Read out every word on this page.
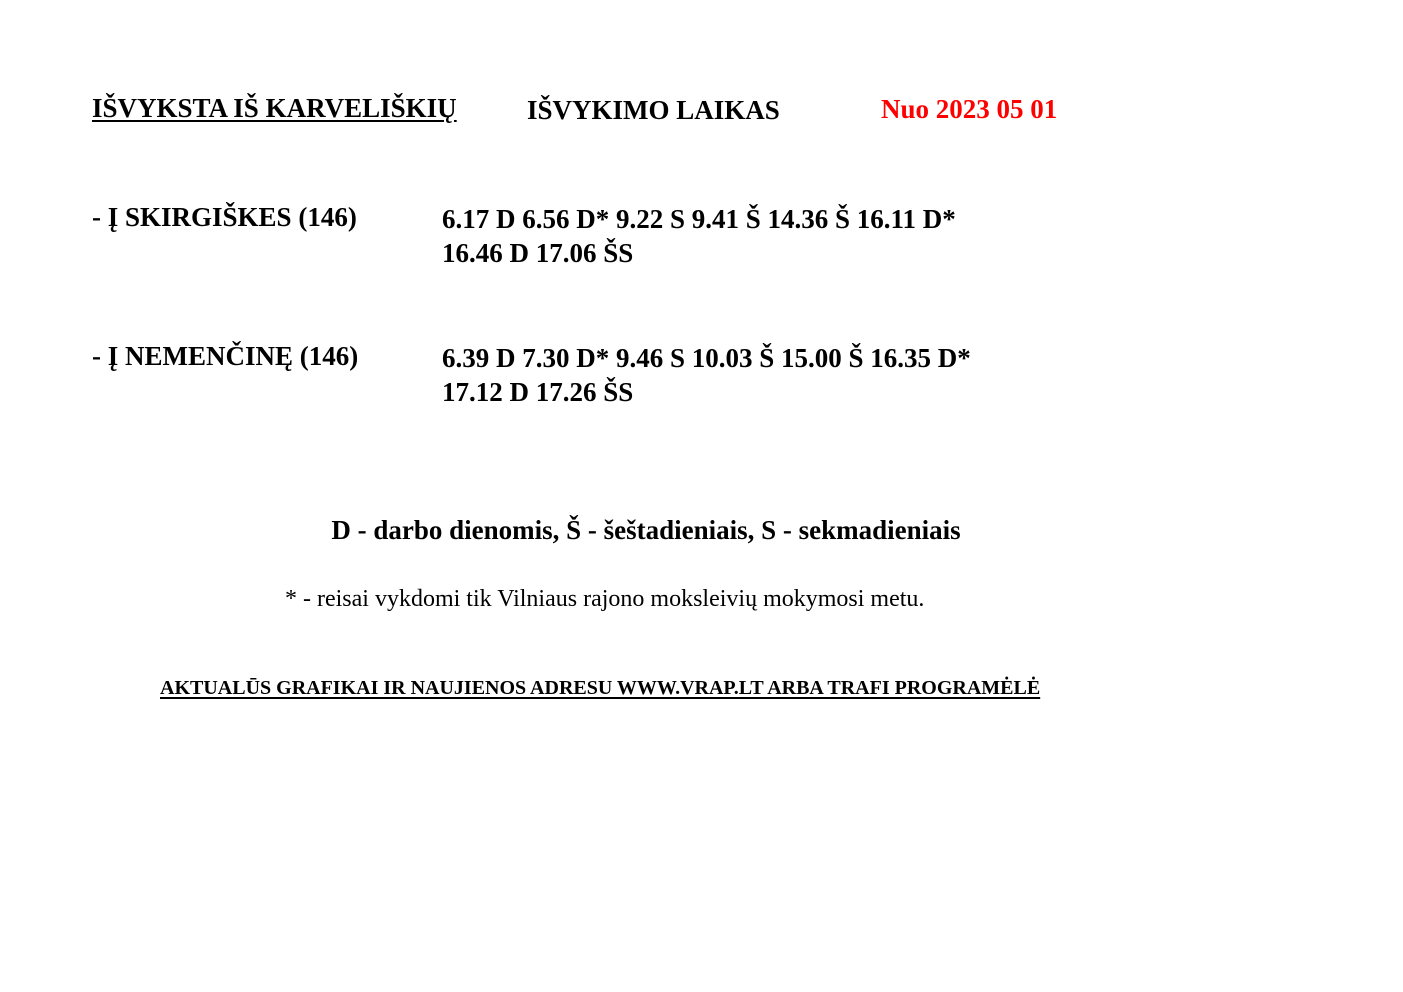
IŠVYKSTA IŠ KARVELIŠKIŲ	IŠVYKIMO LAIKAS	Nuo 2023 05 01
- Į SKIRGIŠKES (146)	6.17 D 6.56 D* 9.22 S 9.41 Š 14.36 Š 16.11 D*
16.46 D 17.06 ŠS
- Į NEMENČINĘ (146)	6.39 D 7.30 D* 9.46 S 10.03 Š 15.00 Š 16.35 D*
17.12 D 17.26 ŠS
D - darbo dienomis, Š - šeštadieniais, S - sekmadieniais
* - reisai vykdomi tik Vilniaus rajono moksleivių mokymosi metu.
AKTUALŪS GRAFIKAI IR NAUJIENOS ADRESU WWW.VRAP.LT ARBA TRAFI PROGRAMĖLĖ
